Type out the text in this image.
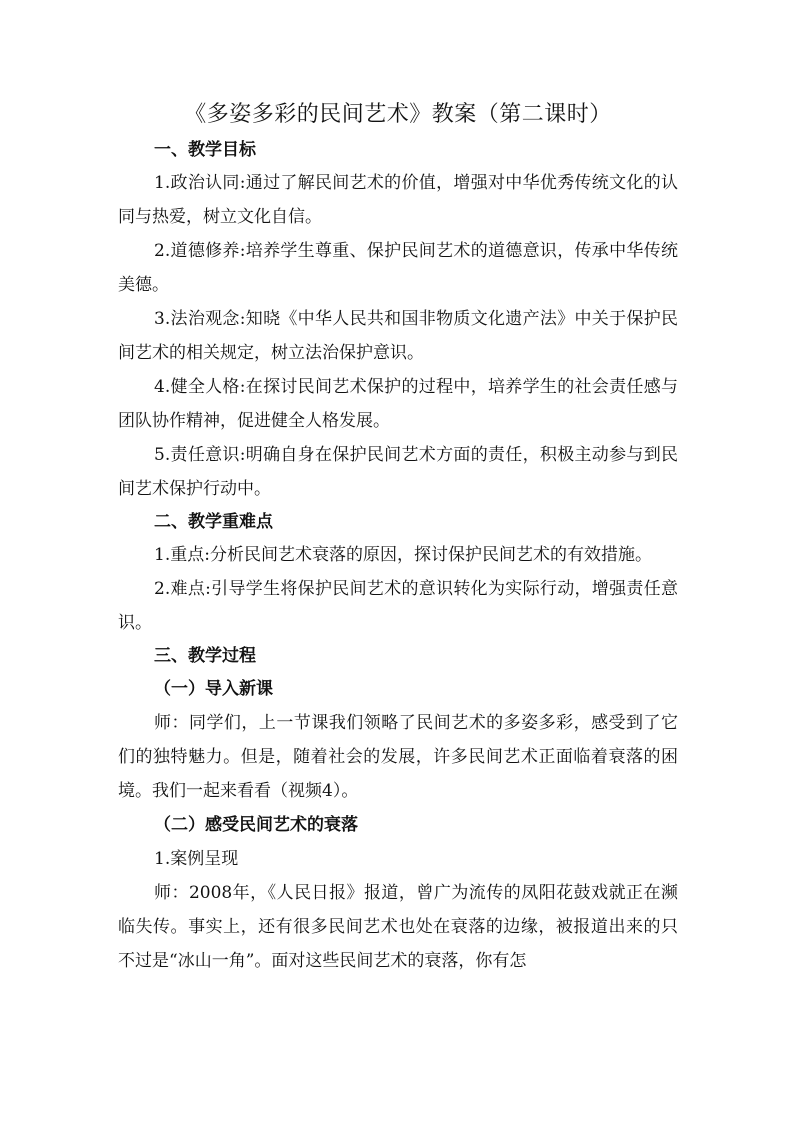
《多姿多彩的民间艺术》教案（第二课时）
一、教学目标

1.政治认同:通过了解民间艺术的价值，增强对中华优秀传统文化的认同与热爱，树立文化自信。

2.道德修养:培养学生尊重、保护民间艺术的道德意识，传承中华传统美德。

3.法治观念:知晓《中华人民共和国非物质文化遗产法》中关于保护民间艺术的相关规定，树立法治保护意识。

4.健全人格:在探讨民间艺术保护的过程中，培养学生的社会责任感与团队协作精神，促进健全人格发展。

5.责任意识:明确自身在保护民间艺术方面的责任，积极主动参与到民间艺术保护行动中。

二、教学重难点

1.重点:分析民间艺术衰落的原因，探讨保护民间艺术的有效措施。

2.难点:引导学生将保护民间艺术的意识转化为实际行动，增强责任意识。

三、教学过程
（一）导入新课

师：同学们，上一节课我们领略了民间艺术的多姿多彩，感受到了它们的独特魅力。但是，随着社会的发展，许多民间艺术正面临着衰落的困境。我们一起来看看（视频4）。

（二）感受民间艺术的衰落

1.案例呈现

师：2008年，《人民日报》报道，曾广为流传的凤阳花鼓戏就正在濒临失传。事实上，还有很多民间艺术也处在衰落的边缘，被报道出来的只不过是“冰山一角”。面对这些民间艺术的衰落，你有怎
